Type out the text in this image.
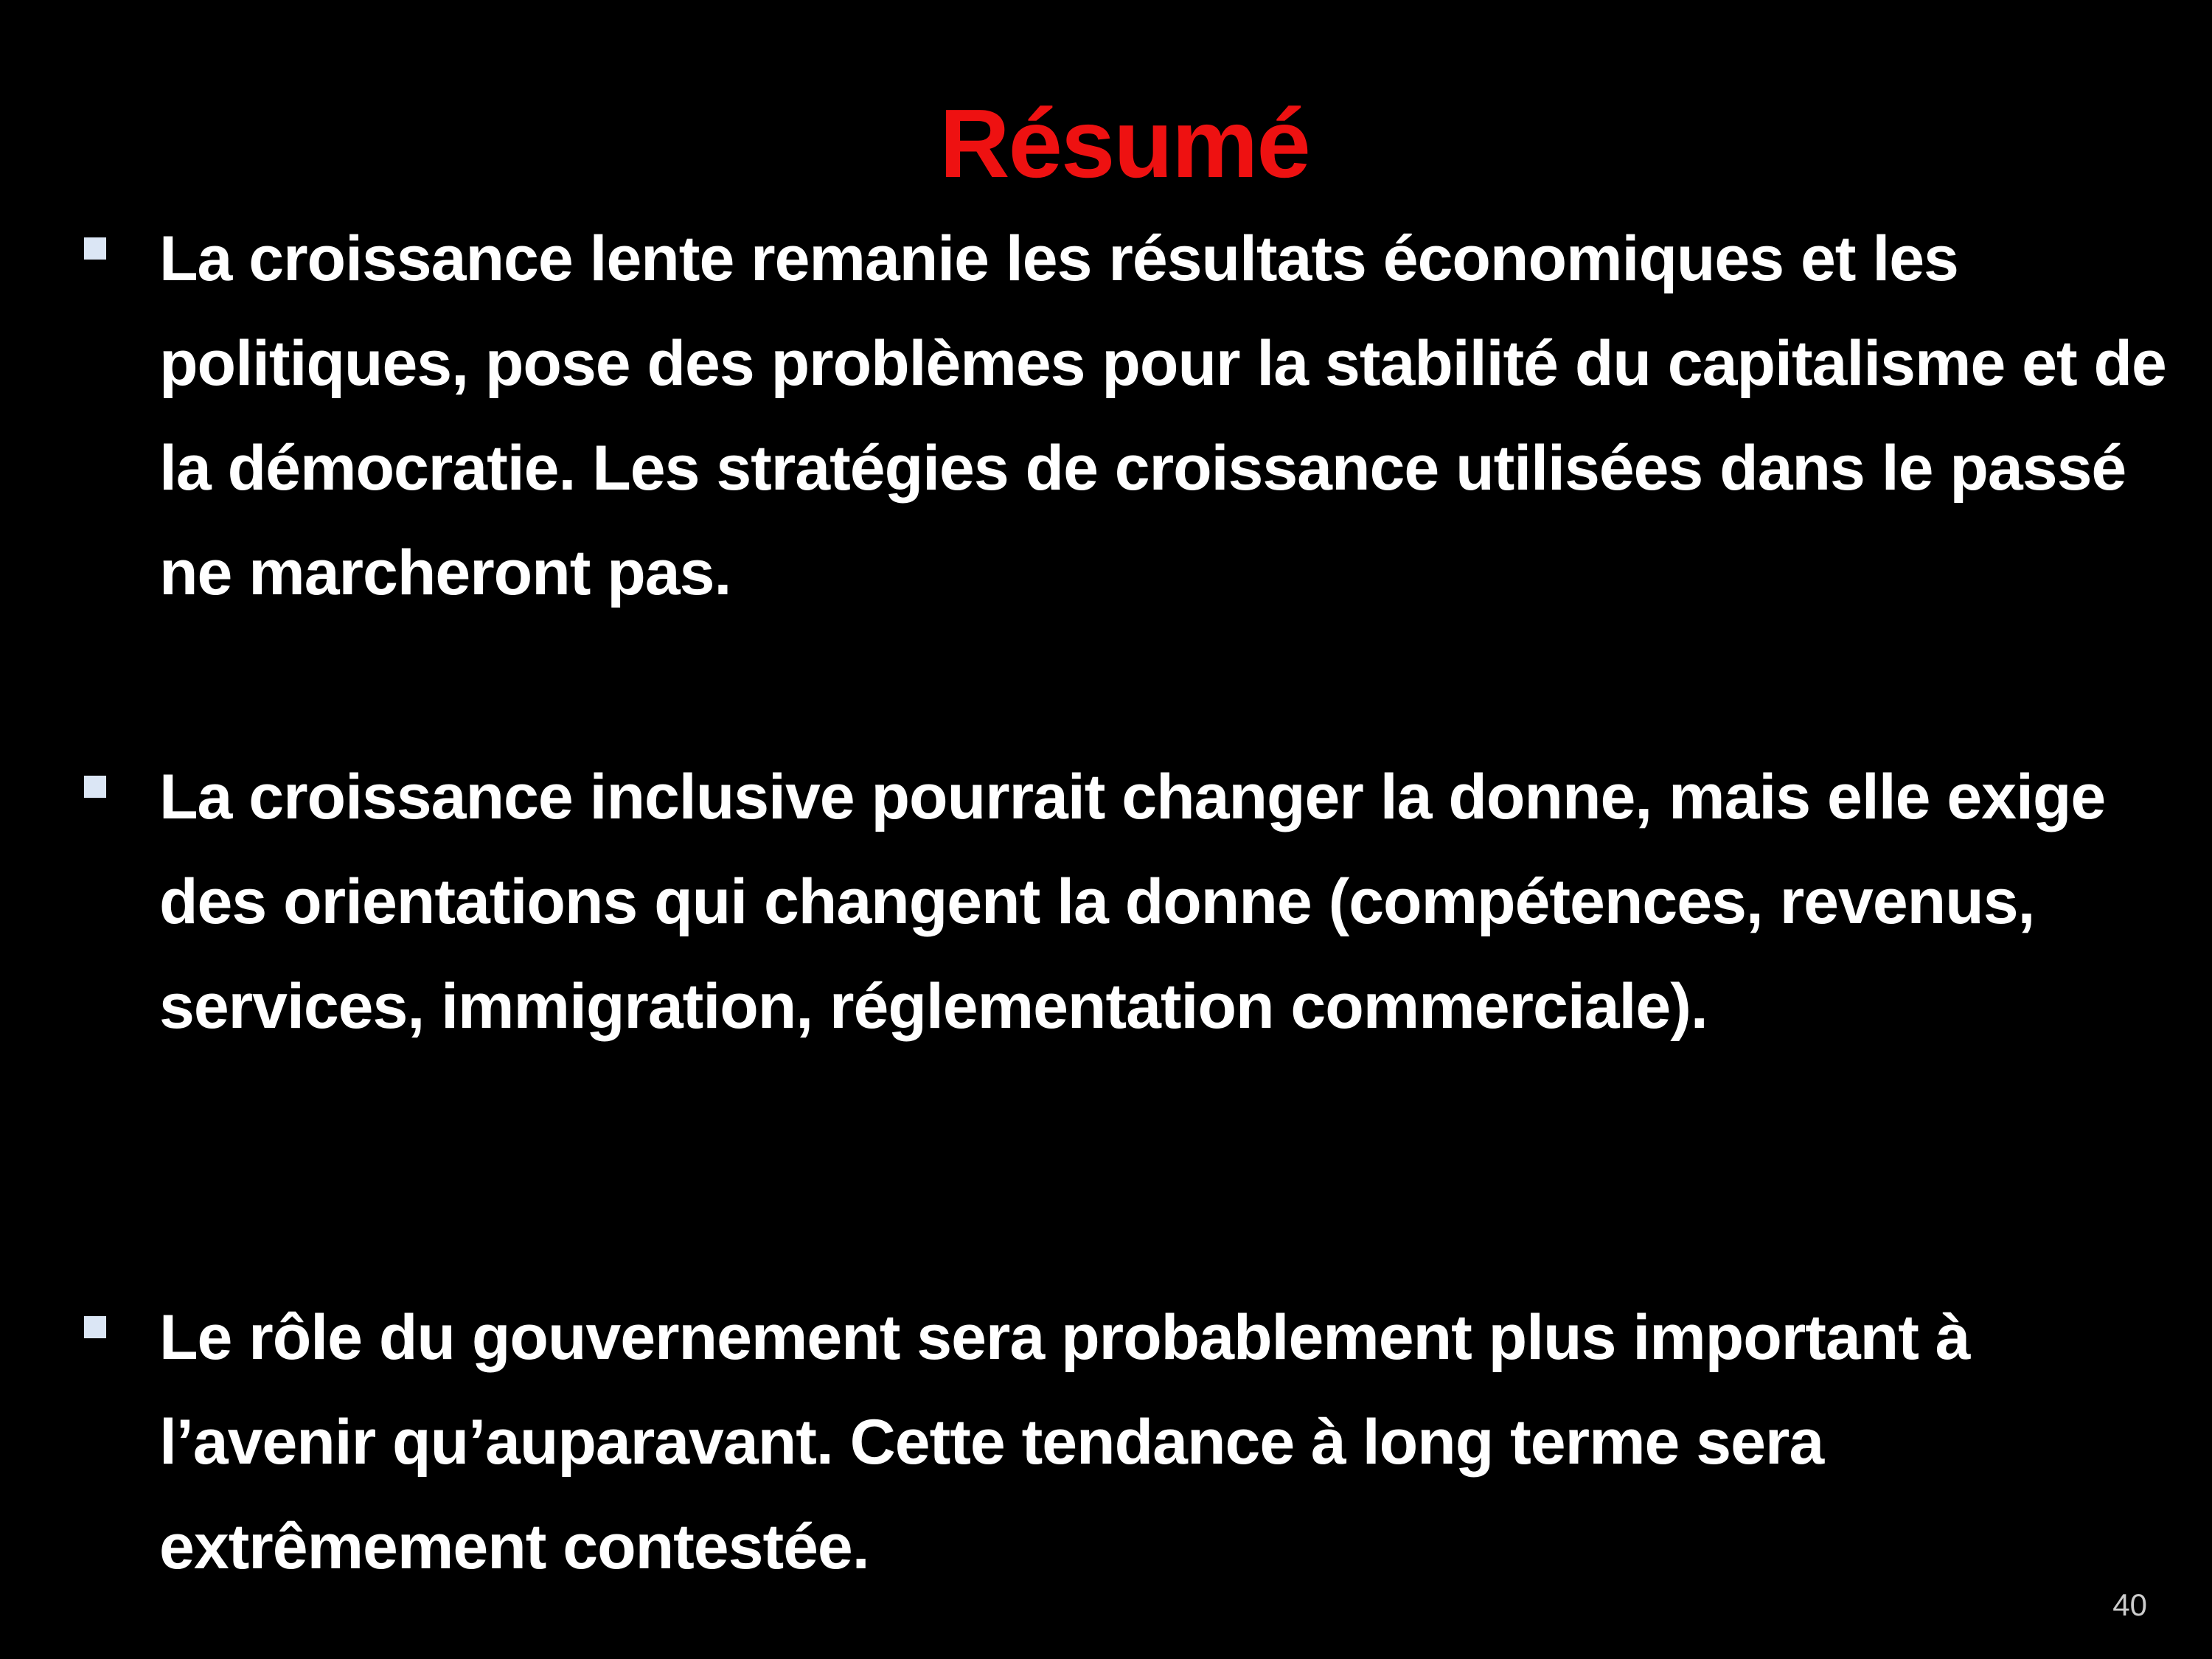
Résumé
La croissance lente remanie les résultats économiques et les politiques, pose des problèmes pour la stabilité du capitalisme et de la démocratie. Les stratégies de croissance utilisées dans le passé ne marcheront pas.
La croissance inclusive pourrait changer la donne, mais elle exige des orientations qui changent la donne (compétences, revenus, services, immigration, réglementation commerciale).
Le rôle du gouvernement sera probablement plus important à l’avenir qu’auparavant. Cette tendance à long terme sera extrêmement contestée.
40
